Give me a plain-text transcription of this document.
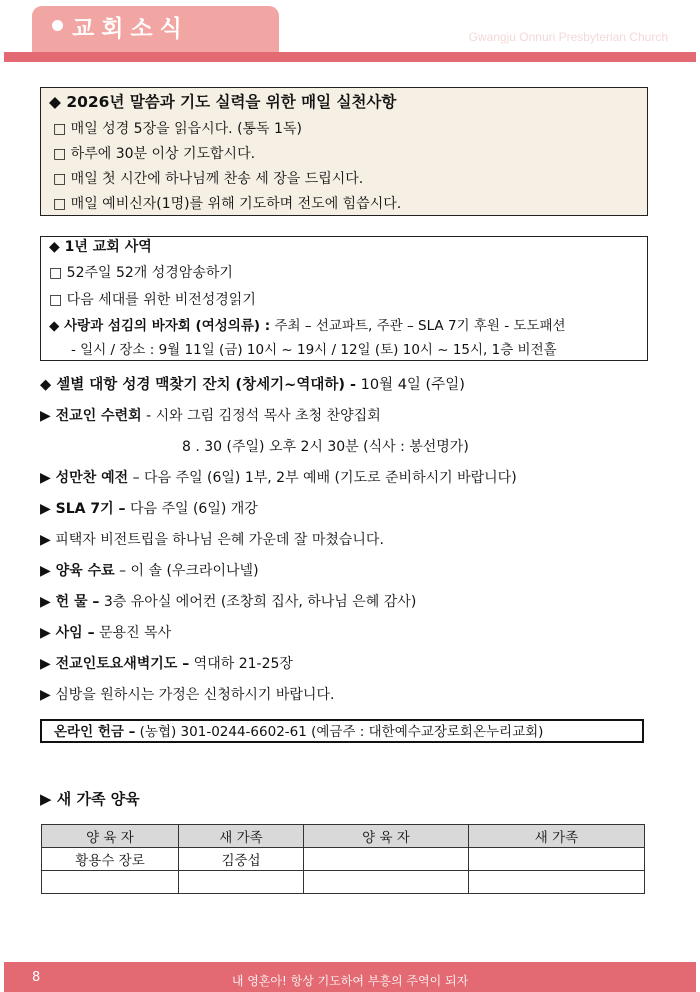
교회소식	Gwangju Onnuri Presbyterian Church
◆ 2026년 말씀과 기도 실력을 위한 매일 실천사항
□ 매일 성경 5장을 읽읍시다. (통독 1독)
□ 하루에 30분 이상 기도합시다.
□ 매일 첫 시간에 하나님께 찬송 세 장을 드립시다.
□ 매일 예비신자(1명)를 위해 기도하며 전도에 힘씁시다.
◆ 1년 교회 사역
□ 52주일 52개 성경암송하기
□ 다음 세대를 위한 비전성경읽기
◆ 사랑과 섬김의 바자회 (여성의류) : 주최 – 선교파트, 주관 – SLA 7기 후원 - 도도패션
- 일시 / 장소 : 9월 11일 (금) 10시 ~ 19시 / 12일 (토) 10시 ~ 15시, 1층 비전홀
◆ 셀별 대항 성경 맥찾기 잔치 (창세기~역대하) - 10월 4일 (주일)
▶ 전교인 수련회 - 시와 그림 김정석 목사 초청 찬양집회
8 . 30 (주일) 오후 2시 30분 (식사 : 봉선명가)
▶ 성만찬 예전 – 다음 주일 (6일) 1부, 2부 예배 (기도로 준비하시기 바랍니다)
▶ SLA 7기 – 다음 주일 (6일) 개강
▶ 피택자 비전트립을 하나님 은혜 가운데 잘 마쳤습니다.
▶ 양육 수료 – 이 솔 (우크라이나넬)
▶ 헌 물 – 3층 유아실 에어컨 (조창희 집사, 하나님 은혜 감사)
▶ 사임 – 문용진 목사
▶ 전교인토요새벽기도 – 역대하 21-25장
▶ 심방을 원하시는 가정은 신청하시기 바랍니다.
온라인 헌금 – (농협) 301-0244-6602-61 (예금주 : 대한예수교장로회온누리교회)
▶ 새 가족 양육
양 육 자	새 가족	양 육 자	새 가족
황용수 장로	김중섭		

8	내 영혼아! 항상 기도하여 부흥의 주역이 되자
